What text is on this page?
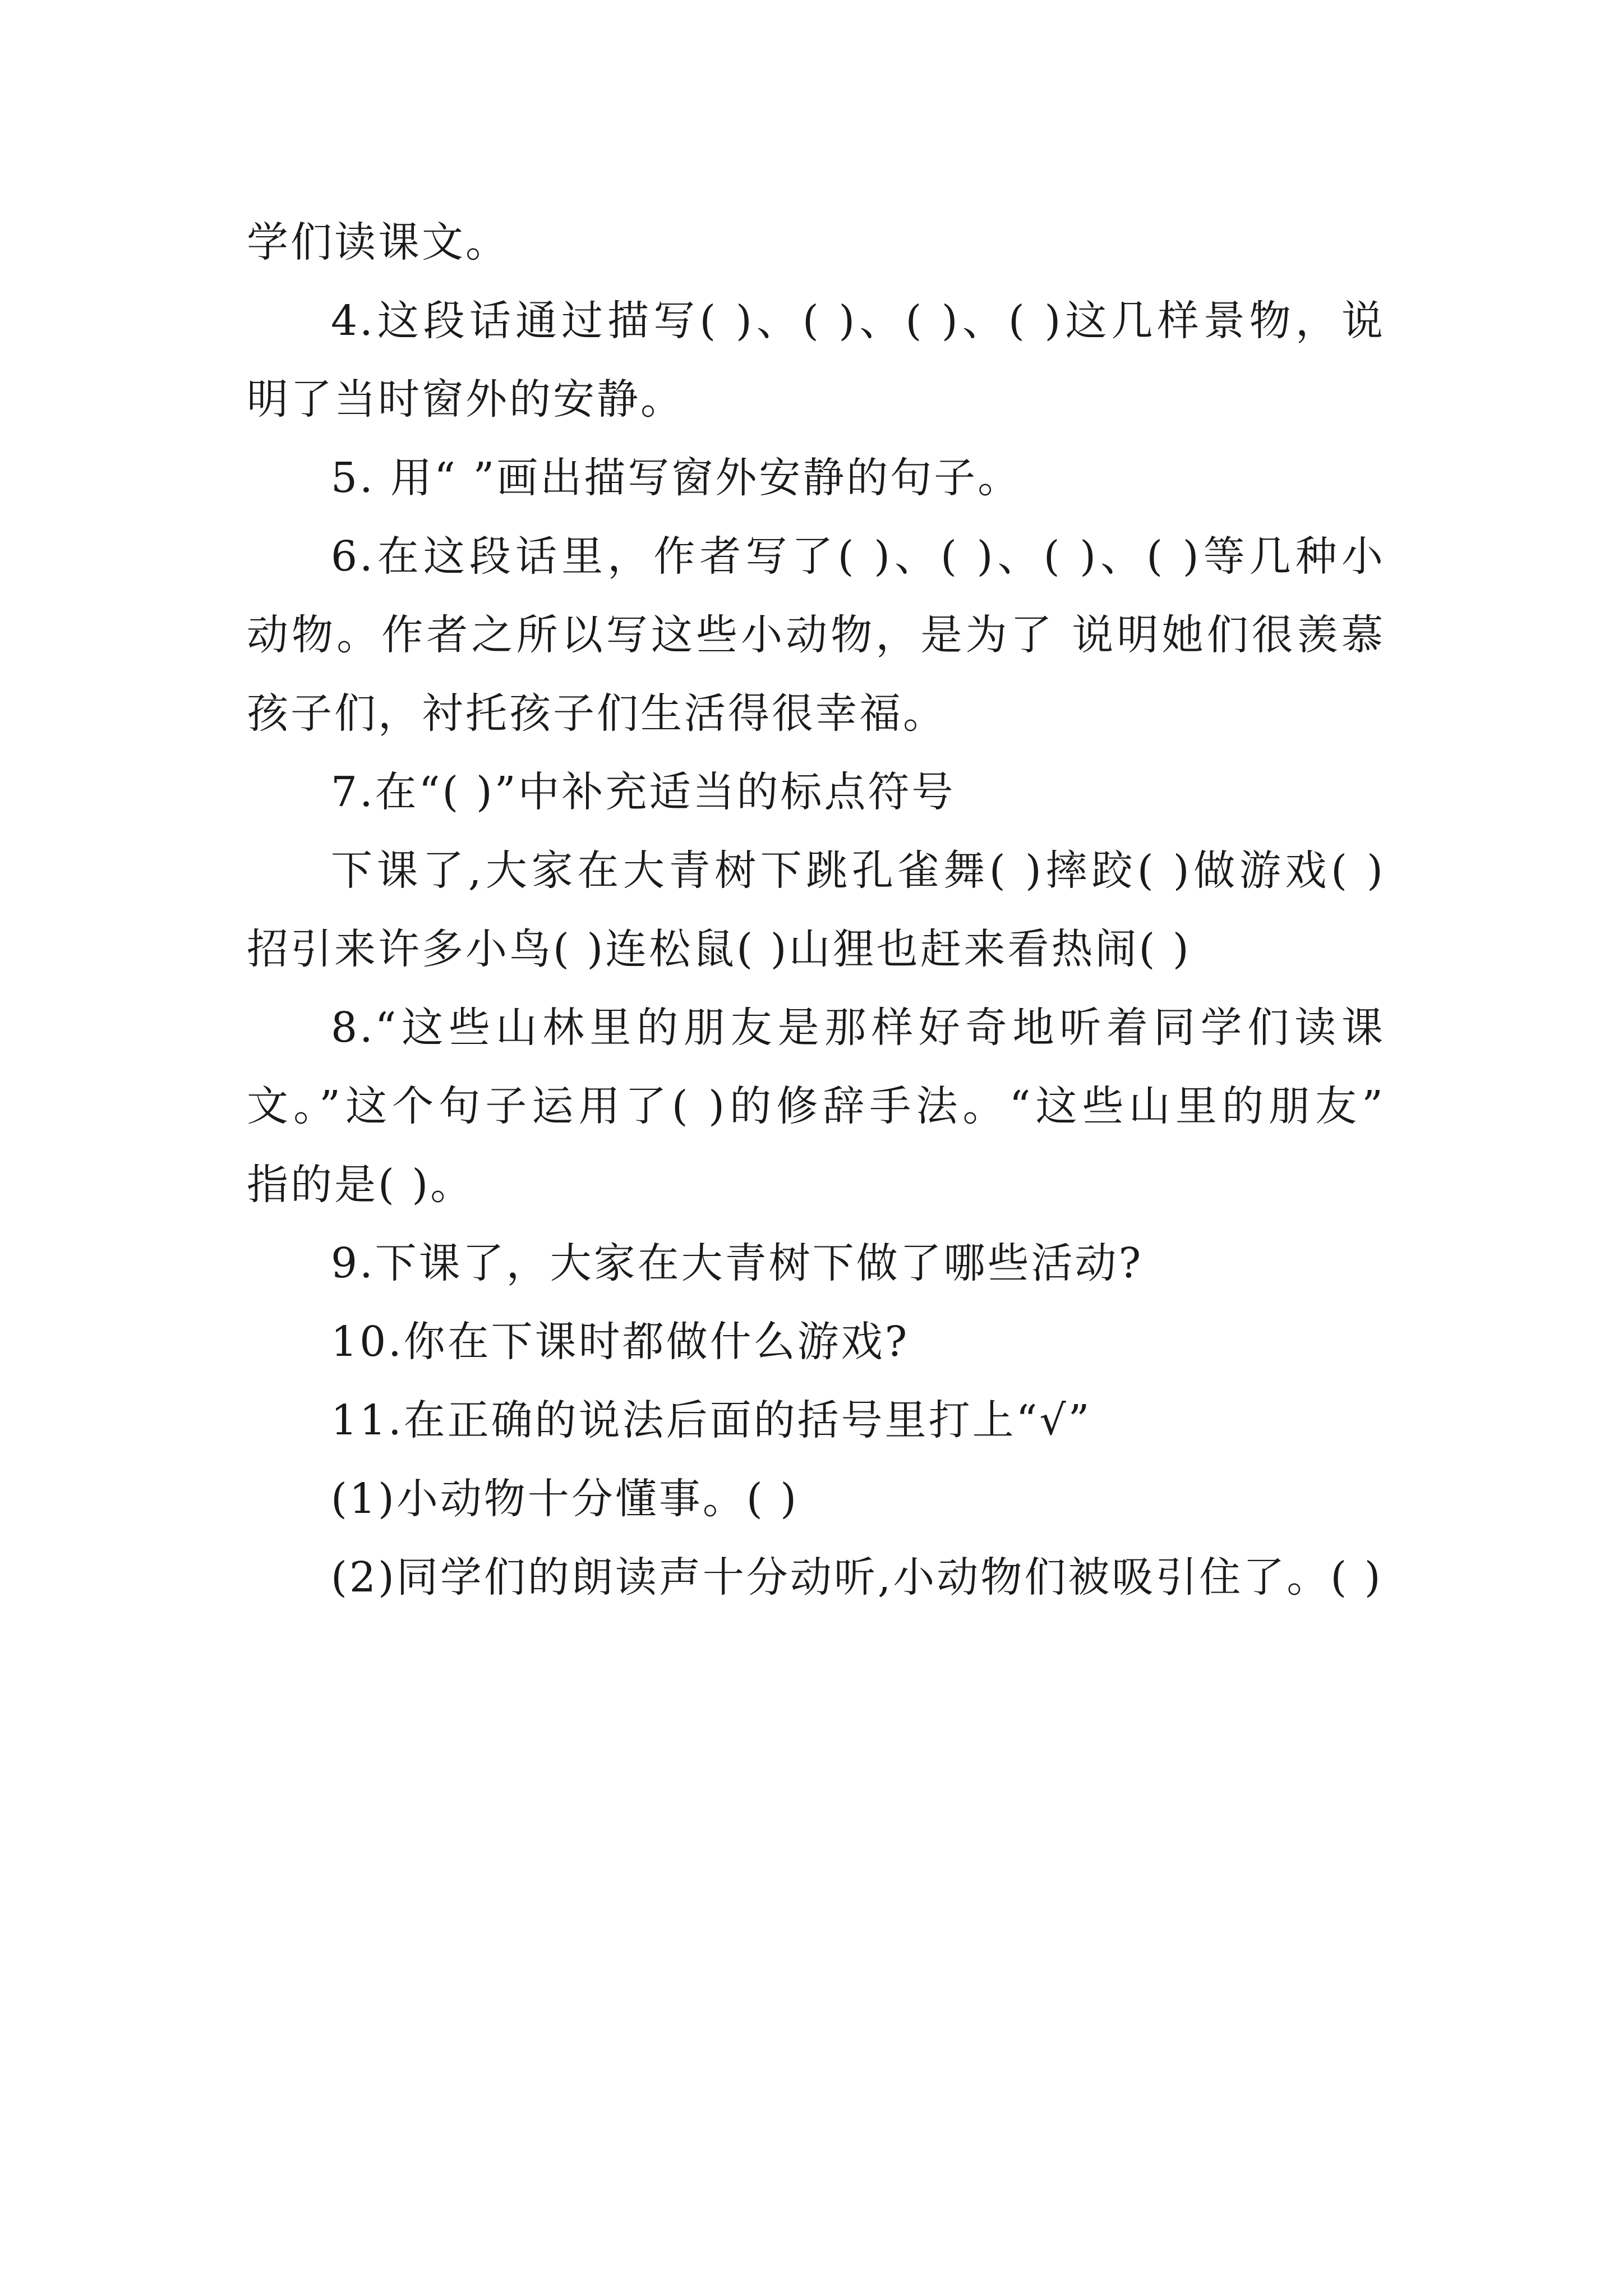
学们读课文。
4.这段话通过描写( )、( )、( )、( )这几样景物，说
明了当时窗外的安静。
5. 用“ ”画出描写窗外安静的句子。
6.在这段话里，作者写了( )、( )、( )、( )等几种小
动物。作者之所以写这些小动物，是为了 说明她们很羡慕
孩子们，衬托孩子们生活得很幸福。
7.在“( )”中补充适当的标点符号
下课了,大家在大青树下跳孔雀舞( )摔跤( )做游戏( )
招引来许多小鸟( )连松鼠( )山狸也赶来看热闹( )
8.“这些山林里的朋友是那样好奇地听着同学们读课
文。”这个句子运用了( )的修辞手法。“这些山里的朋友”
指的是( )。
9.下课了，大家在大青树下做了哪些活动?
10.你在下课时都做什么游戏?
11.在正确的说法后面的括号里打上“√”
(1)小动物十分懂事。( )
(2)同学们的朗读声十分动听,小动物们被吸引住了。( )
